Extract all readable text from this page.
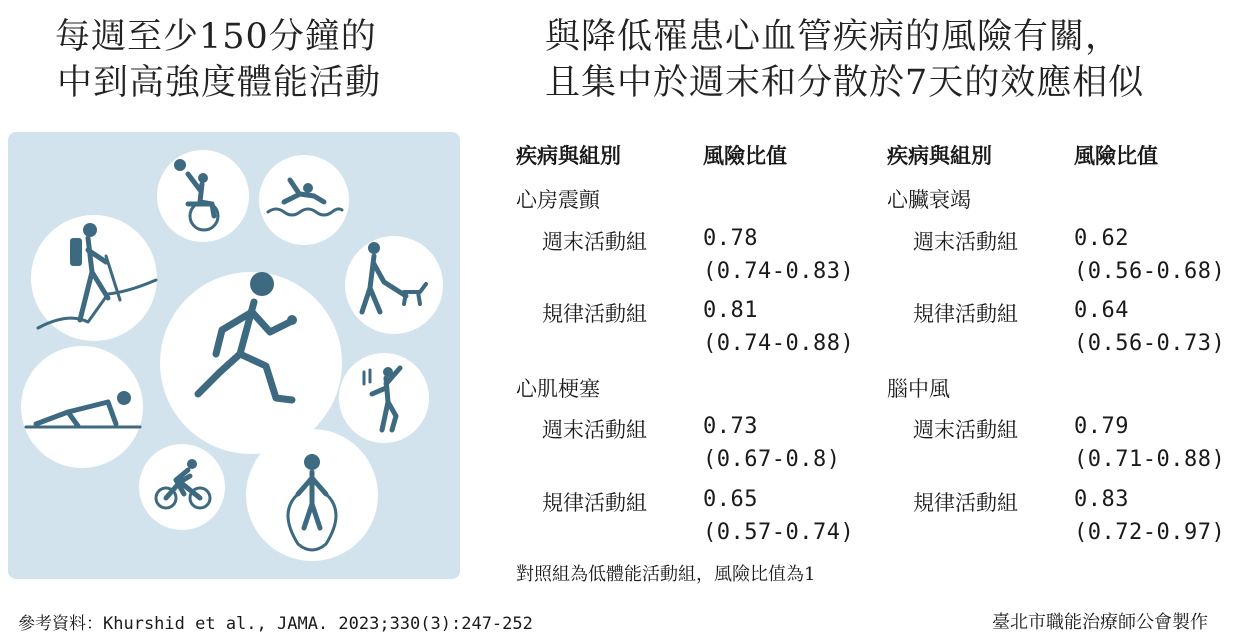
每週至少150分鐘的
中到高強度體能活動
與降低罹患心血管疾病的風險有關，
且集中於週末和分散於7天的效應相似
疾病與組別	風險比值
心房震顫
週末活動組	0.78
(0.74-0.83)
規律活動組	0.81
(0.74-0.88)
心肌梗塞
週末活動組	0.73
(0.67-0.8)
規律活動組	0.65
(0.57-0.74)
疾病與組別	風險比值
心臟衰竭
週末活動組	0.62
(0.56-0.68)
規律活動組	0.64
(0.56-0.73)
腦中風
週末活動組	0.79
(0.71-0.88)
規律活動組	0.83
(0.72-0.97)
對照組為低體能活動組，風險比值為1
參考資料：Khurshid et al., JAMA. 2023;330(3):247-252	臺北市職能治療師公會製作
